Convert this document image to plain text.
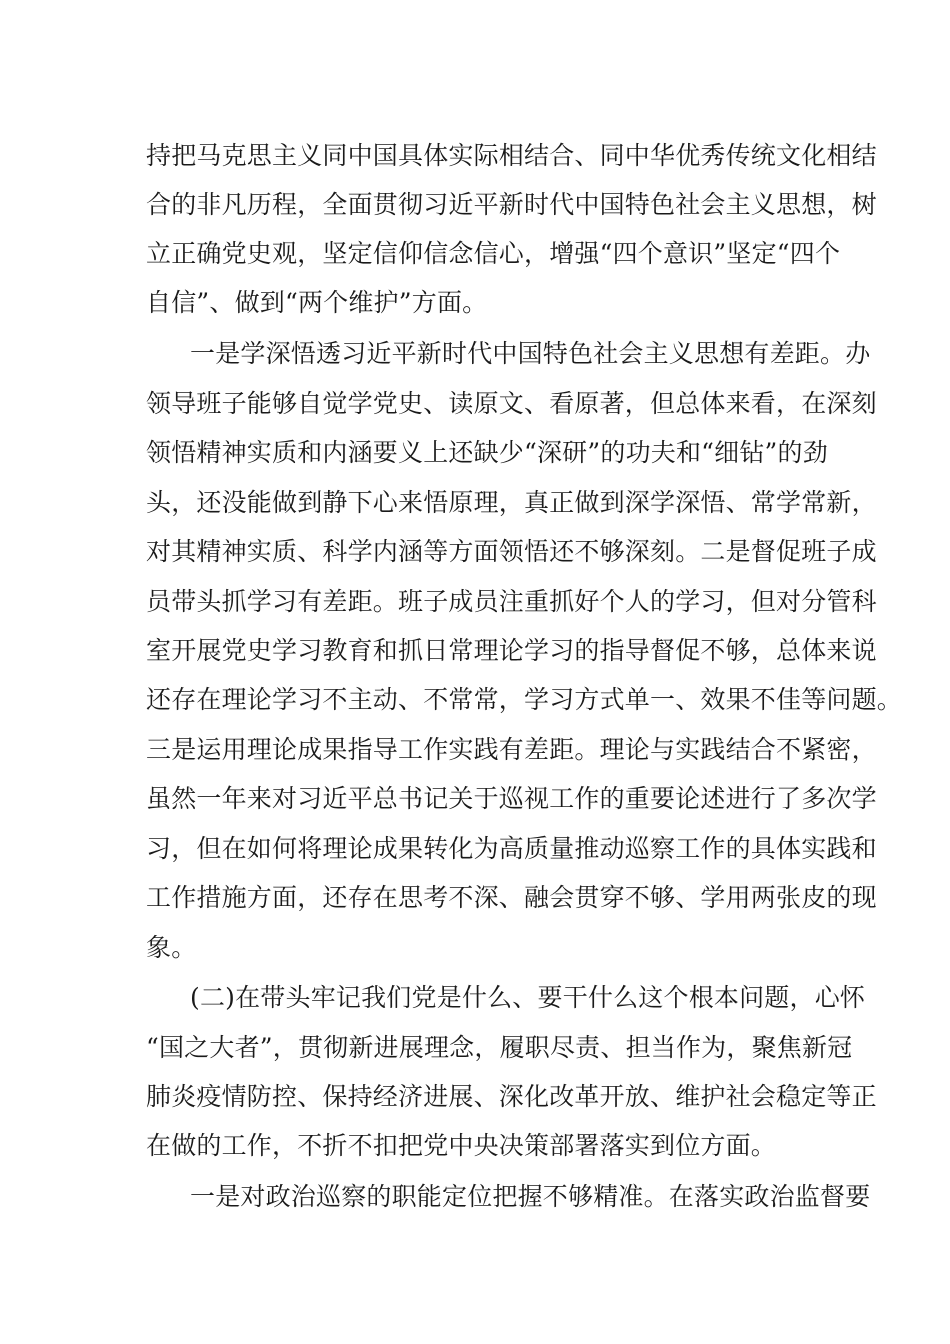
持把马克思主义同中国具体实际相结合、同中华优秀传统文化相结
合的非凡历程，全面贯彻习近平新时代中国特色社会主义思想，树
立正确党史观，坚定信仰信念信心，增强“四个意识”坚定“四个
自信”、做到“两个维护”方面。
一是学深悟透习近平新时代中国特色社会主义思想有差距。办
领导班子能够自觉学党史、读原文、看原著，但总体来看，在深刻
领悟精神实质和内涵要义上还缺少“深研”的功夫和“细钻”的劲
头，还没能做到静下心来悟原理，真正做到深学深悟、常学常新，
对其精神实质、科学内涵等方面领悟还不够深刻。二是督促班子成
员带头抓学习有差距。班子成员注重抓好个人的学习，但对分管科
室开展党史学习教育和抓日常理论学习的指导督促不够，总体来说
还存在理论学习不主动、不常常，学习方式单一、效果不佳等问题。
三是运用理论成果指导工作实践有差距。理论与实践结合不紧密，
虽然一年来对习近平总书记关于巡视工作的重要论述进行了多次学
习，但在如何将理论成果转化为高质量推动巡察工作的具体实践和
工作措施方面，还存在思考不深、融会贯穿不够、学用两张皮的现
象。
(二)在带头牢记我们党是什么、要干什么这个根本问题，心怀
“国之大者”，贯彻新进展理念，履职尽责、担当作为，聚焦新冠
肺炎疫情防控、保持经济进展、深化改革开放、维护社会稳定等正
在做的工作，不折不扣把党中央决策部署落实到位方面。
一是对政治巡察的职能定位把握不够精准。在落实政治监督要
